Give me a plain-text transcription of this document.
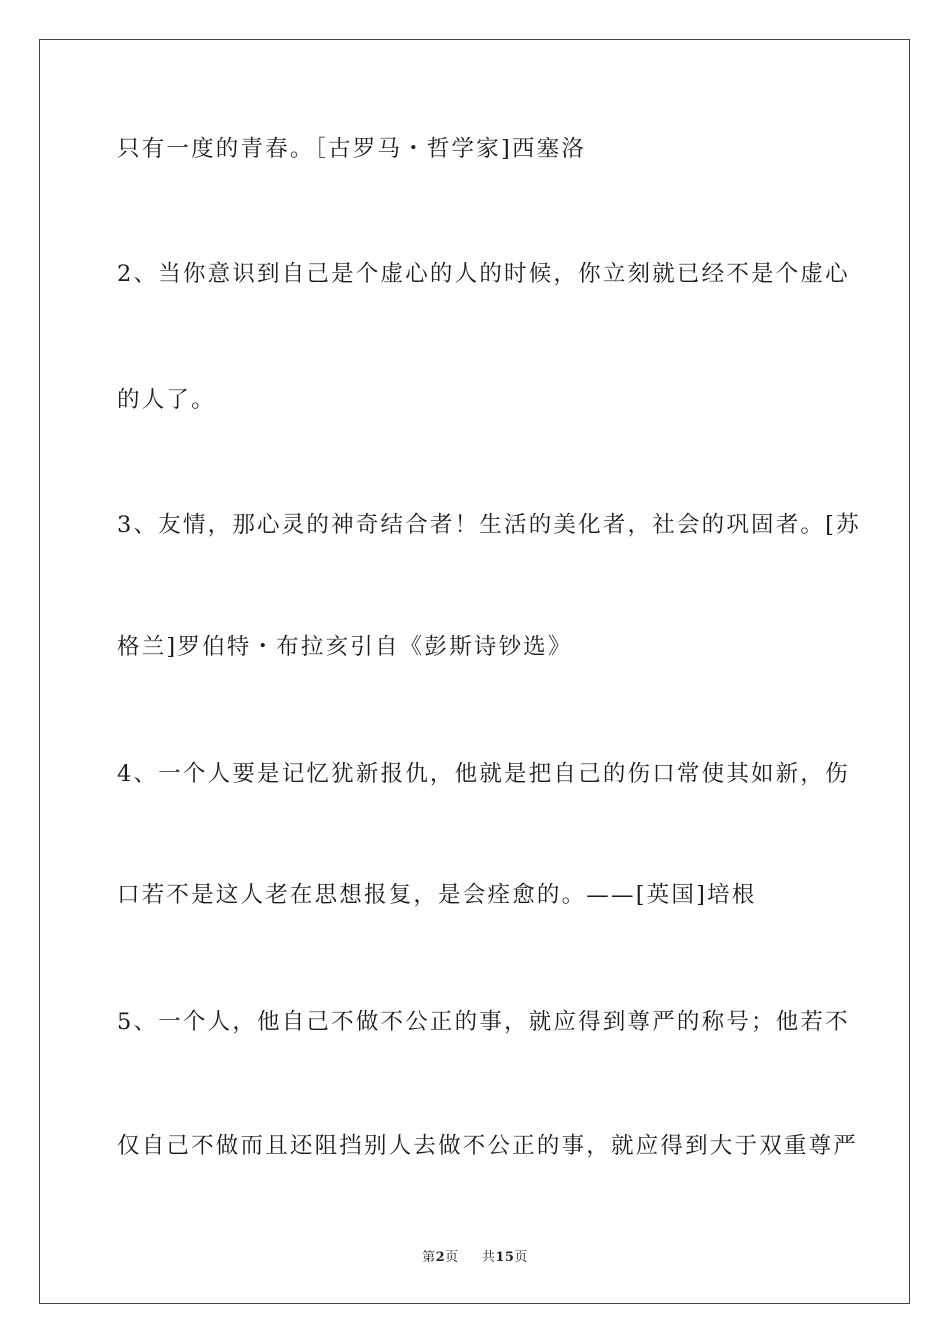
只有一度的青春。［古罗马・哲学家]西塞洛
2、当你意识到自己是个虚心的人的时候，你立刻就已经不是个虚心
的人了。
3、友情，那心灵的神奇结合者！生活的美化者，社会的巩固者。[苏
格兰]罗伯特・布拉亥引自《彭斯诗钞选》
4、一个人要是记忆犹新报仇，他就是把自己的伤口常使其如新，伤
口若不是这人老在思想报复，是会痊愈的。——[英国]培根
5、一个人，他自己不做不公正的事，就应得到尊严的称号；他若不
仅自己不做而且还阻挡别人去做不公正的事，就应得到大于双重尊严
第2页 共15页
